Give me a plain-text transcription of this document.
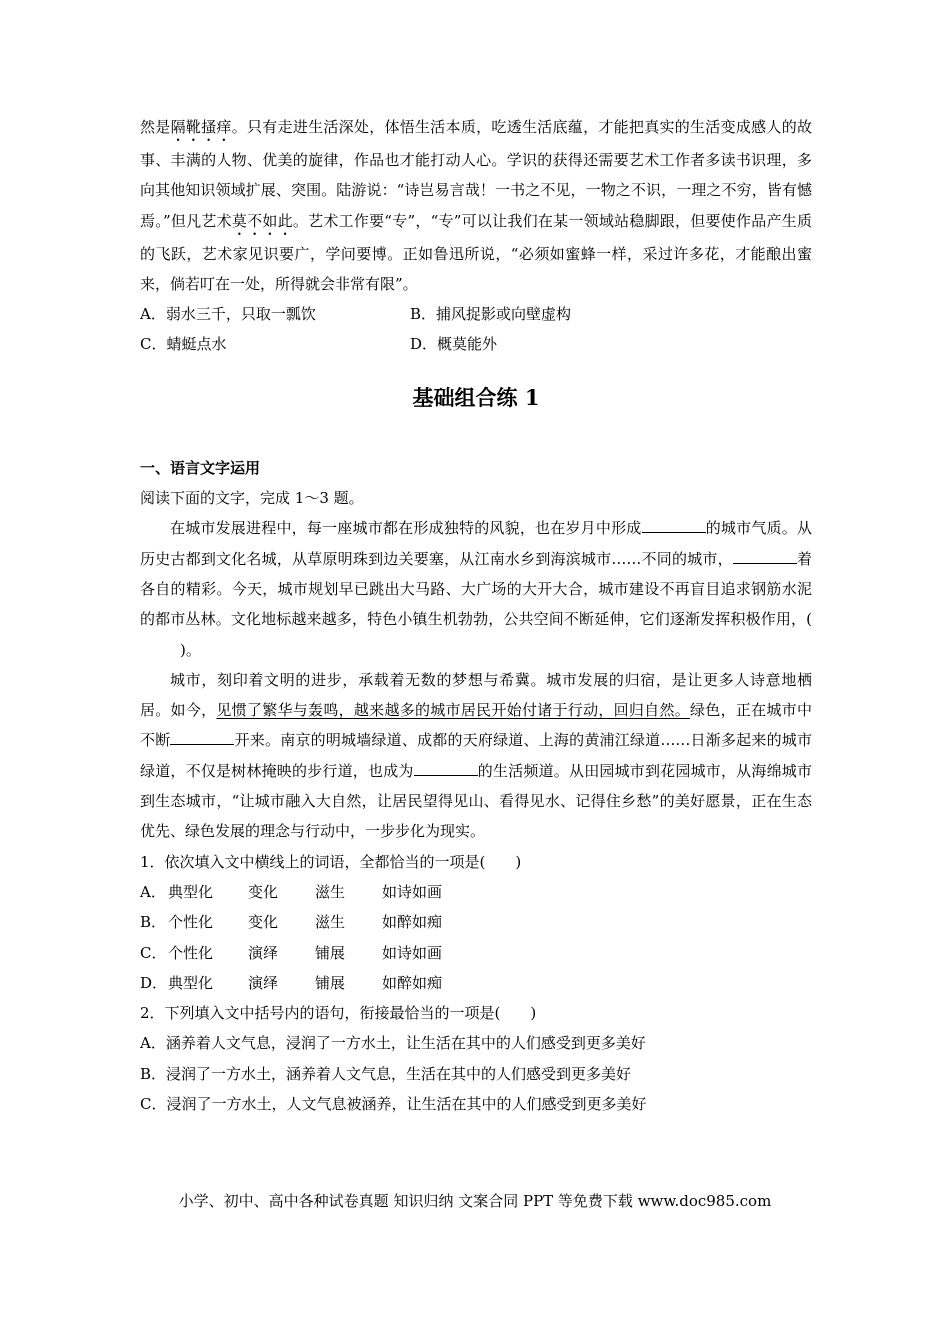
然是隔靴搔痒。只有走进生活深处，体悟生活本质，吃透生活底蕴，才能把真实的生活变成感人的故事、丰满的人物、优美的旋律，作品也才能打动人心。学识的获得还需要艺术工作者多读书识理，多向其他知识领域扩展、突围。陆游说：“诗岂易言哉！一书之不见，一物之不识，一理之不穷，皆有憾焉。”但凡艺术莫不如此。艺术工作要“专”，“专”可以让我们在某一领域站稳脚跟，但要使作品产生质的飞跃，艺术家见识要广，学问要博。正如鲁迅所说，“必须如蜜蜂一样，采过许多花，才能酿出蜜来，倘若叮在一处，所得就会非常有限”。

A．弱水三千，只取一瓢饮	B．捕风捉影或向壁虚构
C．蜻蜓点水	D．概莫能外
基础组合练 1
一、语言文字运用
阅读下面的文字，完成 1～3 题。

在城市发展进程中，每一座城市都在形成独特的风貌，也在岁月中形成	的城市气质。从历史古都到文化名城，从草原明珠到边关要塞，从江南水乡到海滨城市……不同的城市，	着各自的精彩。今天，城市规划早已跳出大马路、大广场的大开大合，城市建设不再盲目追求钢筋水泥的都市丛林。文化地标越来越多，特色小镇生机勃勃，公共空间不断延伸，它们逐渐发挥积极作用，()。

城市，刻印着文明的进步，承载着无数的梦想与希冀。城市发展的归宿，是让更多人诗意地栖居。如今，见惯了繁华与轰鸣，越来越多的城市居民开始付诸于行动，回归自然。绿色，正在城市中不断	开来。南京的明城墙绿道、成都的天府绿道、上海的黄浦江绿道……日渐多起来的城市绿道，不仅是树林掩映的步行道，也成为	的生活频道。从田园城市到花园城市，从海绵城市到生态城市，“让城市融入大自然，让居民望得见山、看得见水、记得住乡愁”的美好愿景，正在生态优先、绿色发展的理念与行动中，一步步化为现实。

1．依次填入文中横线上的词语，全都恰当的一项是(　　)
A． 典型化 变化 滋生 如诗如画
B． 个性化 变化 滋生 如醉如痴
C． 个性化 演绎 铺展 如诗如画
D．典型化 演绎 铺展 如醉如痴
2．下列填入文中括号内的语句，衔接最恰当的一项是(　　)
A．涵养着人文气息，浸润了一方水土，让生活在其中的人们感受到更多美好
B．浸润了一方水土，涵养着人文气息，生活在其中的人们感受到更多美好
C．浸润了一方水土，人文气息被涵养，让生活在其中的人们感受到更多美好
小学、初中、高中各种试卷真题 知识归纳 文案合同 PPT 等免费下载 www.doc985.com
